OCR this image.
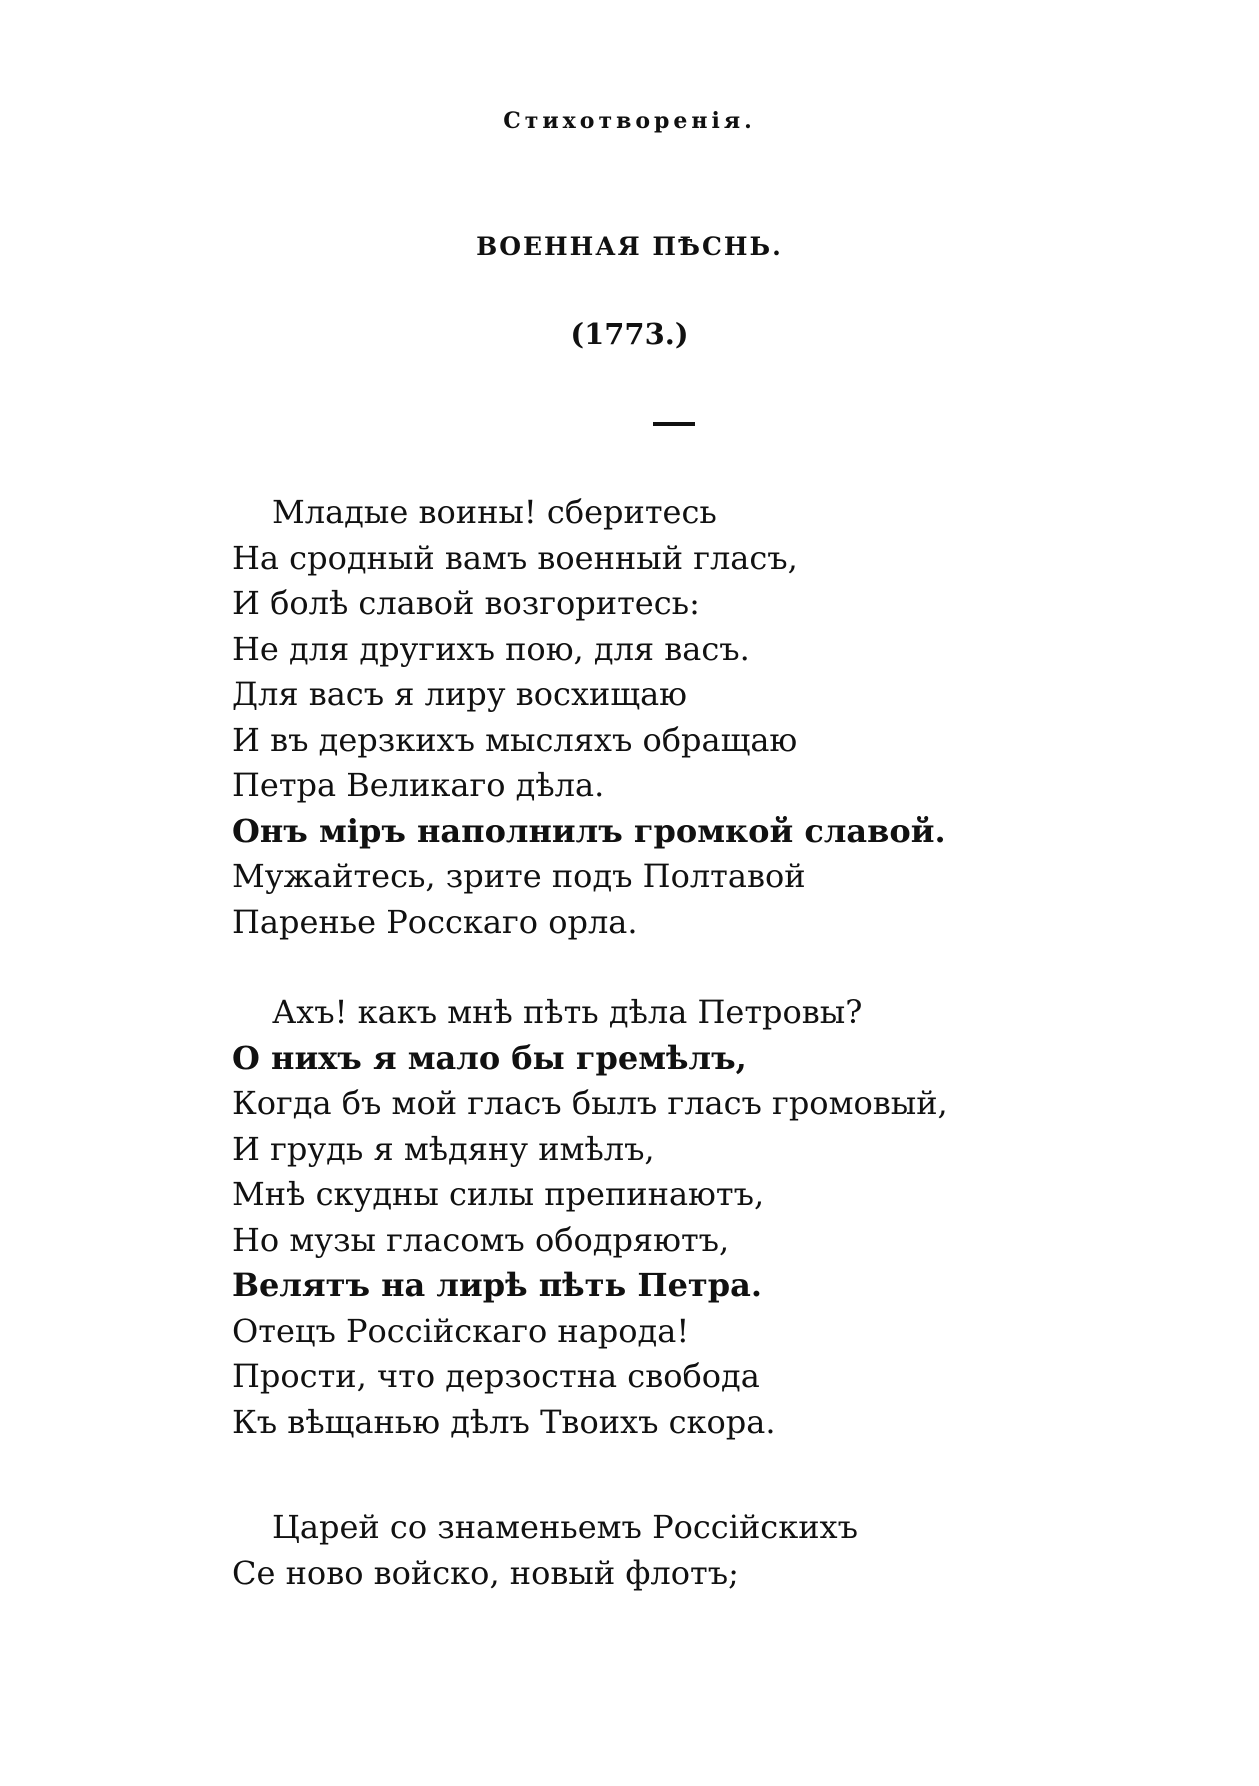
Стихотворенія.
ВОЕННАЯ ПѢСНЬ.
(1773.)
Младые воины! сберитесь
На сродный вамъ военный гласъ,
И болѣ славой возгоритесь:
Не для другихъ пою, для васъ.
Для васъ я лиру восхищаю
И въ дерзкихъ мысляхъ обращаю
Петра Великаго дѣла.
Онъ міръ наполнилъ громкой славой.
Мужайтесь, зрите подъ Полтавой
Паренье Росскаго орла.
Ахъ! какъ мнѣ пѣть дѣла Петровы?
О нихъ я мало бы гремѣлъ,
Когда бъ мой гласъ былъ гласъ громовый,
И грудь я мѣдяну имѣлъ,
Мнѣ скудны силы препинаютъ,
Но музы гласомъ ободряютъ,
Велятъ на лирѣ пѣть Петра.
Отецъ Россійскаго народа!
Прости, что дерзостна свобода
Къ вѣщанью дѣлъ Твоихъ скора.
Царей со знаменьемъ Россійскихъ
Се ново войско, новый флотъ;
